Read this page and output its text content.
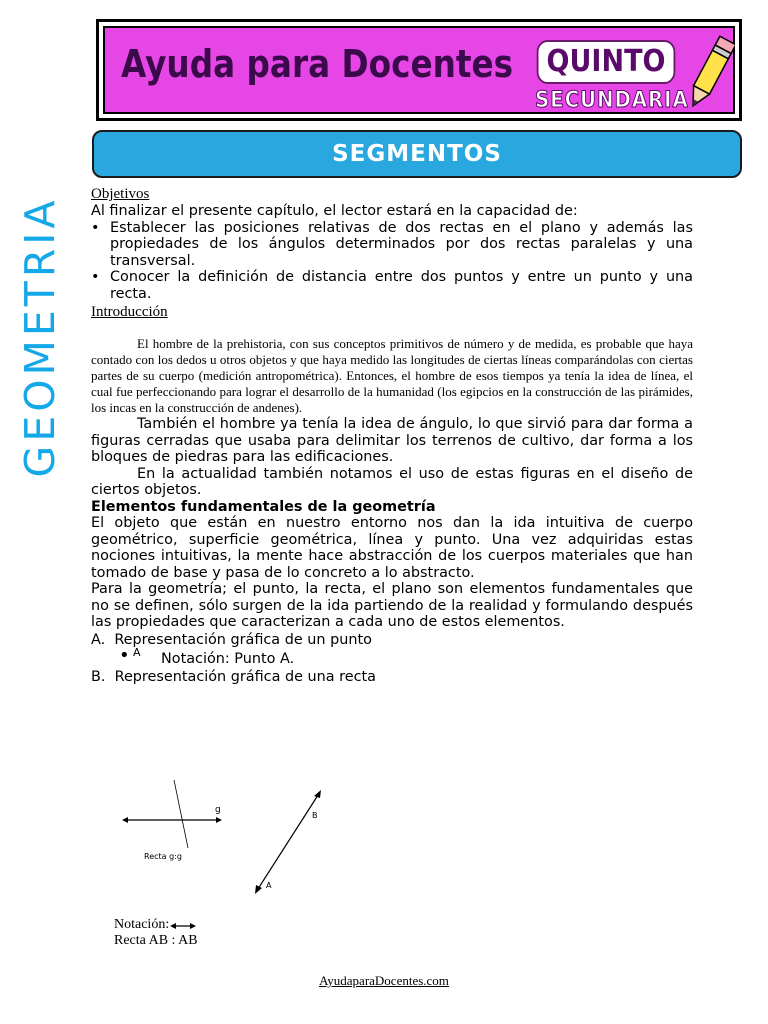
Ayuda para Docentes	QUINTO
SECUNDARIA
SEGMENTOS
GEOMETRIA
Objetivos
Al finalizar el presente capítulo, el lector estará en la capacidad de:
• Establecer las posiciones relativas de dos rectas en el plano y además las propiedades de los ángulos determinados por dos rectas paralelas y una transversal.
• Conocer la definición de distancia entre dos puntos y entre un punto y una recta.
Introducción
El hombre de la prehistoria, con sus conceptos primitivos de número y de medida, es probable que haya contado con los dedos u otros objetos y que haya medido las longitudes de ciertas líneas comparándolas con ciertas partes de su cuerpo (medición antropométrica). Entonces, el hombre de esos tiempos ya tenía la idea de línea, el cual fue perfeccionando para lograr el desarrollo de la humanidad (los egipcios en la construcción de las pirámides, los incas en la construcción de andenes).
También el hombre ya tenía la idea de ángulo, lo que sirvió para dar forma a figuras cerradas que usaba para delimitar los terrenos de cultivo, dar forma a los bloques de piedras para las edificaciones.
En la actualidad también notamos el uso de estas figuras en el diseño de ciertos objetos.
Elementos fundamentales de la geometría
El objeto que están en nuestro entorno nos dan la ida intuitiva de cuerpo geométrico, superficie geométrica, línea y punto. Una vez adquiridas estas nociones intuitivas, la mente hace abstracción de los cuerpos materiales que han tomado de base y pasa de lo concreto a lo abstracto.
Para la geometría; el punto, la recta, el plano son elementos fundamentales que no se definen, sólo surgen de la ida partiendo de la realidad y formulando después las propiedades que caracterizan a cada uno de estos elementos.
A.  Representación gráfica de un punto
• A Notación: Punto A.
B.  Representación gráfica de una recta
g
Recta g:g
B
A
Notación:
Recta AB : AB
AyudaparaDocentes.com
